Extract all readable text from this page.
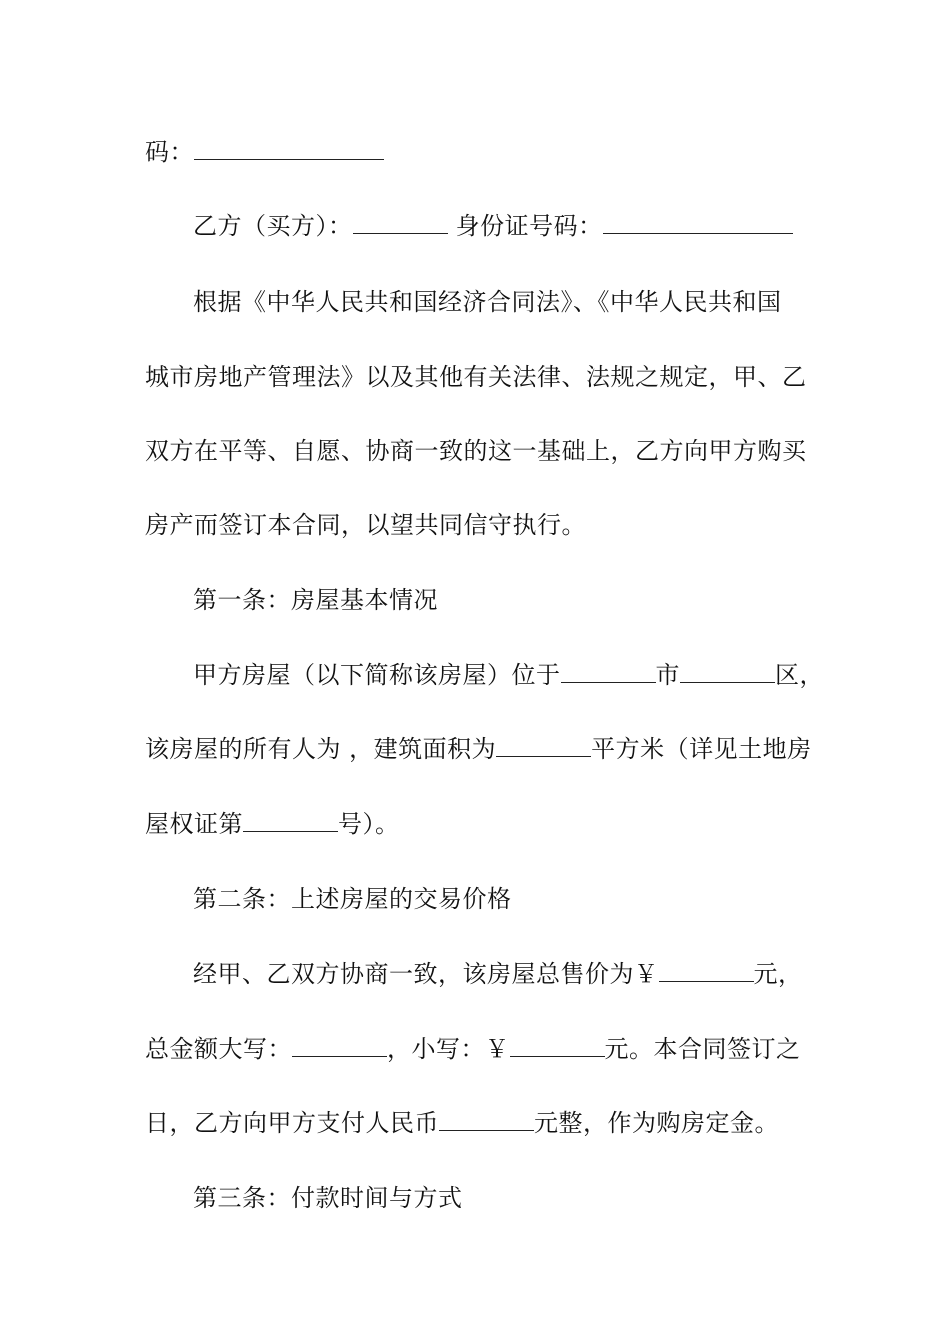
码：
乙方（买方）：	身份证号码：
根据《中华人民共和国经济合同法》、《中华人民共和国
城市房地产管理法》以及其他有关法律、法规之规定，甲、乙
双方在平等、自愿、协商一致的这一基础上，乙方向甲方购买
房产而签订本合同，以望共同信守执行。
第一条：房屋基本情况
甲方房屋（以下简称该房屋）位于	市	区，
该房屋的所有人为 ，建筑面积为	平方米（详见土地房
屋权证第	号）。
第二条：上述房屋的交易价格
经甲、乙双方协商一致，该房屋总售价为￥	元，
总金额大写：	，小写：￥	元。本合同签订之
日，乙方向甲方支付人民币	元整，作为购房定金。
第三条：付款时间与方式
